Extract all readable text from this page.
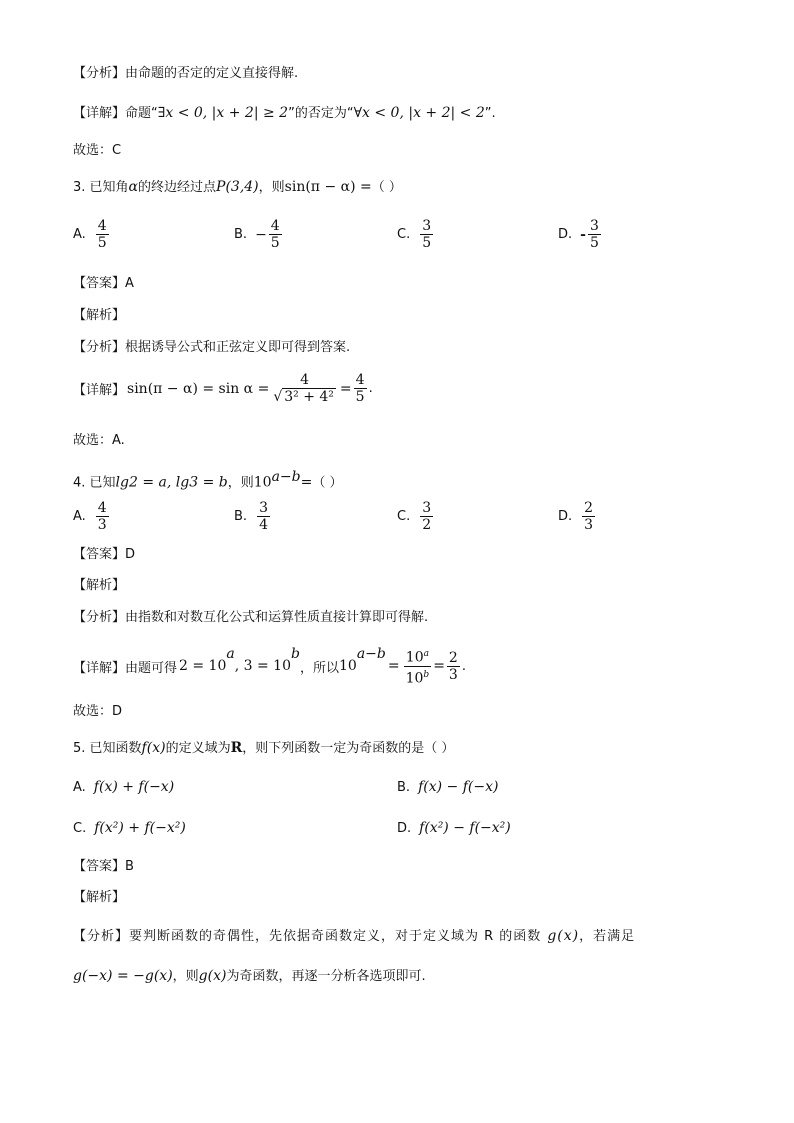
【分析】由命题的否定的定义直接得解.
【详解】命题“∃x < 0, |x + 2| ≥ 2”的否定为“∀x < 0, |x + 2| < 2”.
故选：C
3. 已知角α的终边经过点P(3,4)，则sin(π − α) =（ ）
A. $\frac{4}{5}$	B. − $\frac{4}{5}$	C. $\frac{3}{5}$	D. - $\frac{3}{5}$
【答案】A
【解析】
【分析】根据诱导公式和正弦定义即可得到答案.
【详解】 $\sin(\pi - \alpha) = \sin \alpha = \frac{4}{\text{√ 3² + 4²}} = \frac{4}{5}$ .
故选：A.
4. 已知lg2 = a, lg3 = b，则$10^{a-b}=$（ ）
A. $\frac{4}{3}$	B. $\frac{3}{4}$	C. $\frac{3}{2}$	D. $\frac{2}{3}$
【答案】D
【解析】
【分析】由指数和对数互化公式和运算性质直接计算即可得解.
【详解】由题可得 2 = 10
a
, 3 = 10
b
，所以 10
a−b
= $\frac{10^a}{10^b} = \frac{2}{3}$ .
故选：D
5. 已知函数f(x)的定义域为R，则下列函数一定为奇函数的是（ ）
A. f(x) + f(−x)	B. f(x) − f(−x)
C. f(x²) + f(−x²)	D. f(x²) − f(−x²)
【答案】B
【解析】
【分析】要判断函数的奇偶性，先依据奇函数定义，对于定义域为 R 的函数 g(x)，若满足
g(−x) = −g(x)，则g(x)为奇函数，再逐一分析各选项即可.
